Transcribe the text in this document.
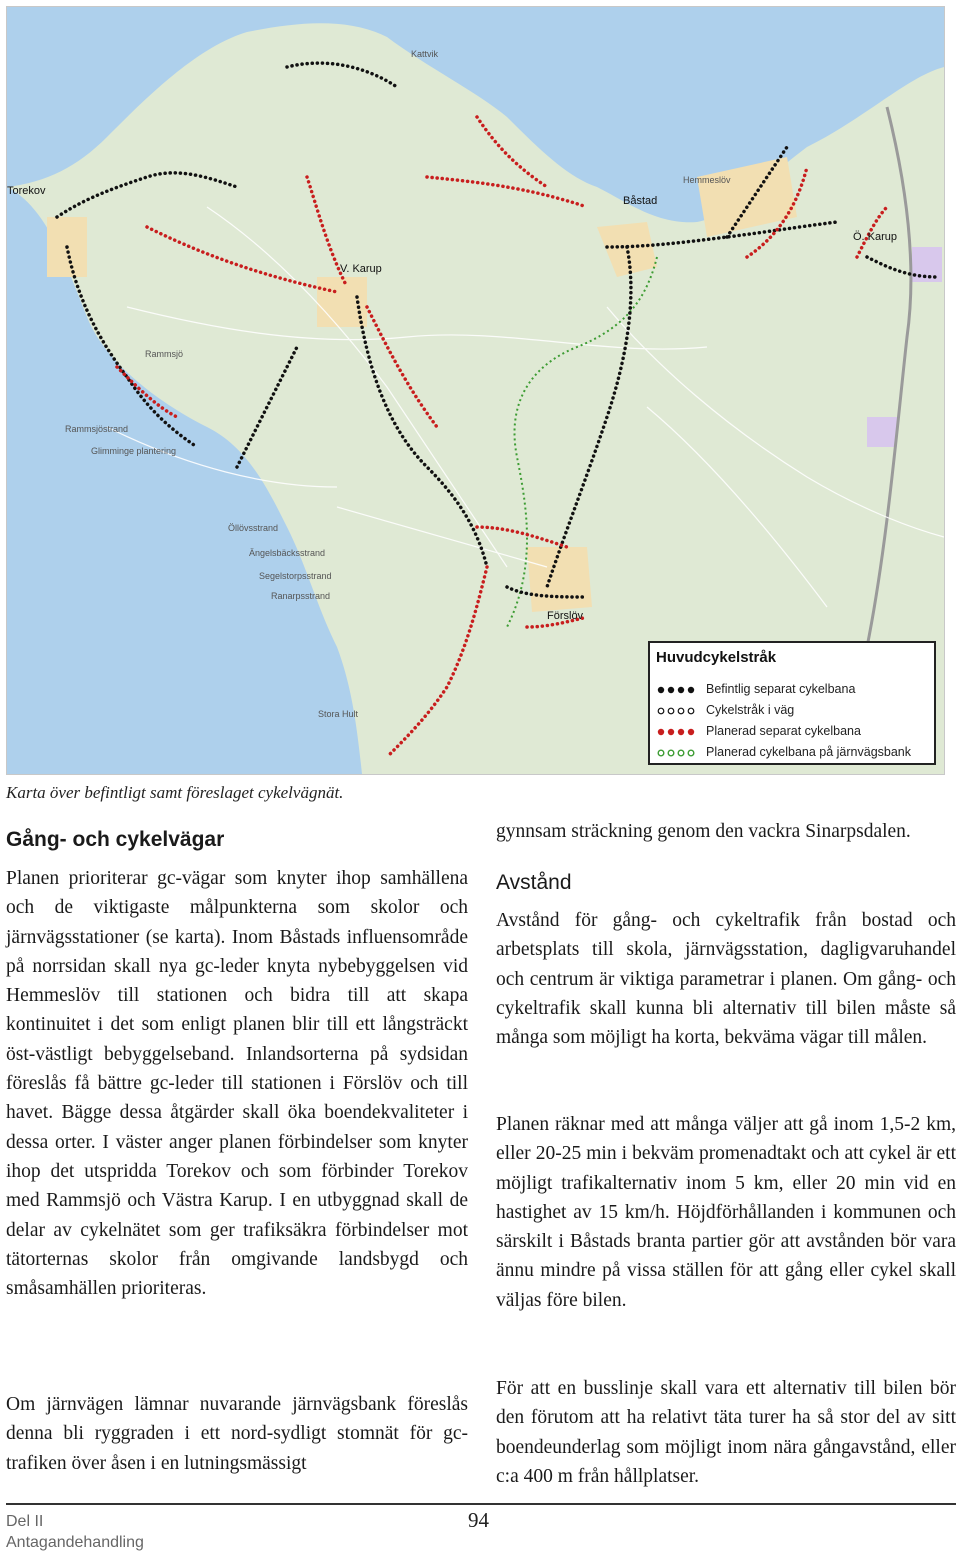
Kattvik
Torekov
Båstad
Hemmeslöv
Ö. Karup
V. Karup
Rammsjö
Rammsjöstrand
Glimminge plantering
Öllövsstrand
Ängelsbäcksstrand
Segelstorpsstrand
Ranarpsstrand
Förslöv
Stora Hult
Huvudcykelstråk
Befintlig separat cykelbana
Cykelstråk i väg
Planerad separat cykelbana
Planerad cykelbana på järnvägsbank
Karta över befintligt samt föreslaget cykelvägnät.
Gång- och cykelvägar

Planen prioriterar gc-vägar som knyter ihop samhällena och de viktigaste målpunkterna som skolor och järnvägsstationer (se karta). Inom Båstads influensområde på norrsidan skall nya gc-leder knyta nybebyggelsen vid Hemmeslöv till stationen och bidra till att skapa kontinuitet i det som enligt planen blir till ett långsträckt öst-västligt bebyggelseband. Inlandsorterna på sydsidan föreslås få bättre gc-leder till stationen i Förslöv och till havet. Bägge dessa åtgärder skall öka boendekvaliteter i dessa orter. I väster anger planen förbindelser som knyter ihop det utspridda Torekov och som förbinder Torekov med Rammsjö och Västra Karup. I en utbyggnad skall de delar av cykelnätet som ger trafiksäkra förbindelser mot tätorternas skolor från omgivande landsbygd och småsamhällen prioriteras.

Om järnvägen lämnar nuvarande järnvägsbank föreslås denna bli ryggraden i ett nord-sydligt stomnät för gc-trafiken över åsen i en lutningsmässigt

gynnsam sträckning genom den vackra Sinarpsdalen.

Avstånd

Avstånd för gång- och cykeltrafik från bostad och arbetsplats till skola, järnvägsstation, dagligvaruhandel och centrum är viktiga parametrar i planen. Om gång- och cykeltrafik skall kunna bli alternativ till bilen måste så många som möjligt ha korta, bekväma vägar till målen.

Planen räknar med att många väljer att gå inom 1,5-2 km, eller 20-25 min i bekväm promenadtakt och att cykel är ett möjligt trafikalternativ inom 5 km, eller 20 min vid en hastighet av 15 km/h. Höjdförhållanden i kommunen och särskilt i Båstads branta partier gör att avstånden bör vara ännu mindre på vissa ställen för att gång eller cykel skall väljas före bilen.

För att en busslinje skall vara ett alternativ till bilen bör den förutom att ha relativt täta turer ha så stor del av sitt boendeunderlag som möjligt inom nära gångavstånd, eller c:a 400 m från hållplatser.

Del II
Antagandehandling
94
